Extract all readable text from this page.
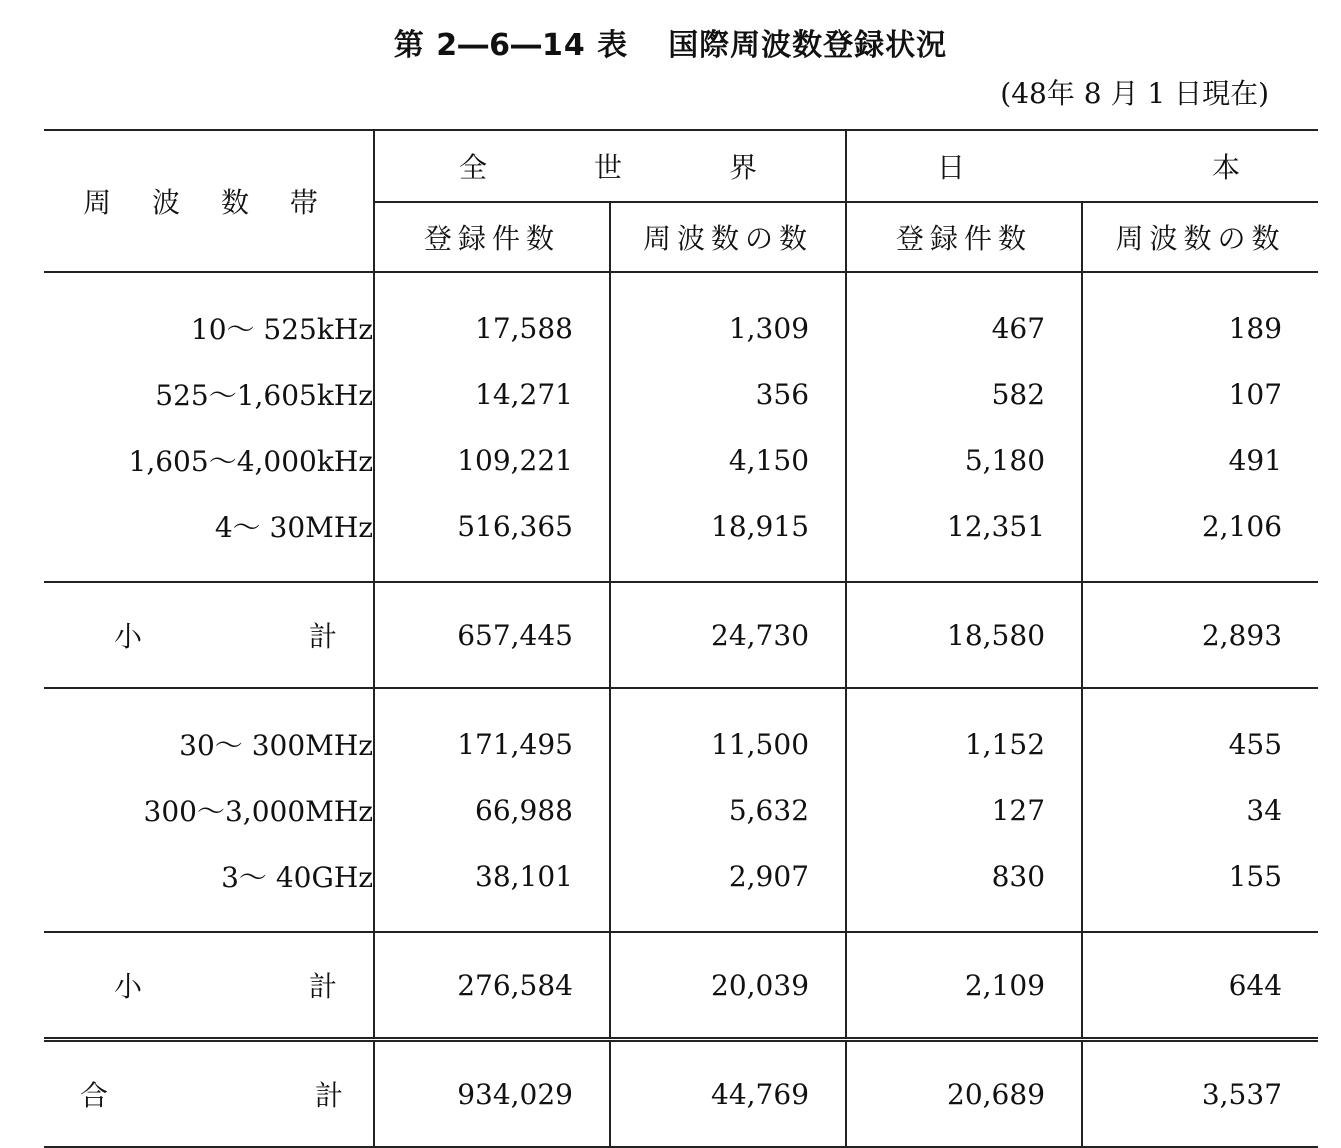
第 2―6―14 表 国際周波数登録状況
(48年 8 月 1 日現在)
周 波 数 帯	全 世 界		日 本	

	登録件数	周波数の数	登録件数	周波数の数

10～ 525kHz	17,588	1,309	467	189
525～1,605kHz	14,271	356	582	107
1,605～4,000kHz	109,221	4,150	5,180	491
4～ 30MHz	516,365	18,915	12,351	2,106

小 計	657,445	24,730	18,580	2,893

30～ 300MHz	171,495	11,500	1,152	455
300～3,000MHz	66,988	5,632	127	34
3～ 40GHz	38,101	2,907	830	155

小 計	276,584	20,039	2,109	644

合 計	934,029	44,769	20,689	3,537
